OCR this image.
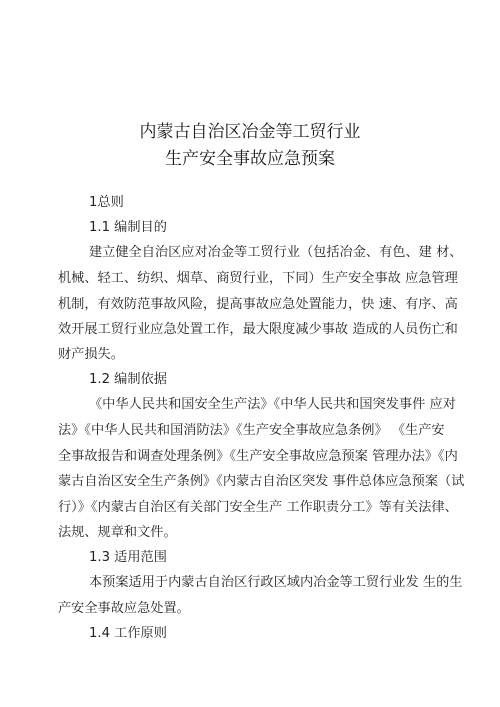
内蒙古自治区冶金等工贸行业
生产安全事故应急预案
1总则
1.1 编制目的
建立健全自治区应对冶金等工贸行业（包括冶金、有色、建 材、
机械、轻工、纺织、烟草、商贸行业，下同）生产安全事故 应急管理
机制，有效防范事故风险，提高事故应急处置能力，快 速、有序、高
效开展工贸行业应急处置工作，最大限度减少事故 造成的人员伤亡和
财产损失。
1.2 编制依据
《中华人民共和国安全生产法》《中华人民共和国突发事件 应对
法》《中华人民共和国消防法》《生产安全事故应急条例》 《生产安
全事故报告和调查处理条例》《生产安全事故应急预案 管理办法》《内
蒙古自治区安全生产条例》《内蒙古自治区突发 事件总体应急预案（试
行）》《内蒙古自治区有关部门安全生产 工作职责分工》等有关法律、
法规、规章和文件。
1.3 适用范围
本预案适用于内蒙古自治区行政区域内冶金等工贸行业发 生的生
产安全事故应急处置。
1.4 工作原则
